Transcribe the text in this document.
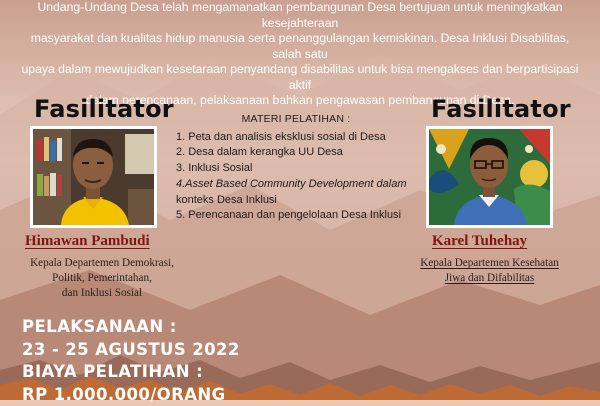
Undang-Undang Desa telah mengamanatkan pembangunan Desa bertujuan untuk meningkatkan kesejahteraan

masyarakat dan kualitas hidup manusia serta penanggulangan kemiskinan. Desa Inklusi Disabilitas, salah satu

upaya dalam mewujudkan kesetaraan penyandang disabilitas untuk bisa mengakses dan berpartisipasi aktif

dalam perencanaan, pelaksanaan bahkan pengawasan pembangunan di Desa.

Fasilitator	Fasilitator
Himawan Pambudi	Karel Tuhehay
Kepala Departemen Demokrasi,
Politik, Pemerintahan,
dan Inklusi Sosial
Kepala Departemen Kesehatan
Jiwa dan Difabilitas
MATERI PELATIHAN :
1. Peta dan analisis eksklusi sosial di Desa
2. Desa dalam kerangka UU Desa
3. Inklusi Sosial
4.Asset Based Community Development dalam
konteks Desa Inklusi
5. Perencanaan dan pengelolaan Desa Inklusi
PELAKSANAAN :
23 - 25 AGUSTUS 2022
BIAYA PELATIHAN :
RP 1.000.000/ORANG
